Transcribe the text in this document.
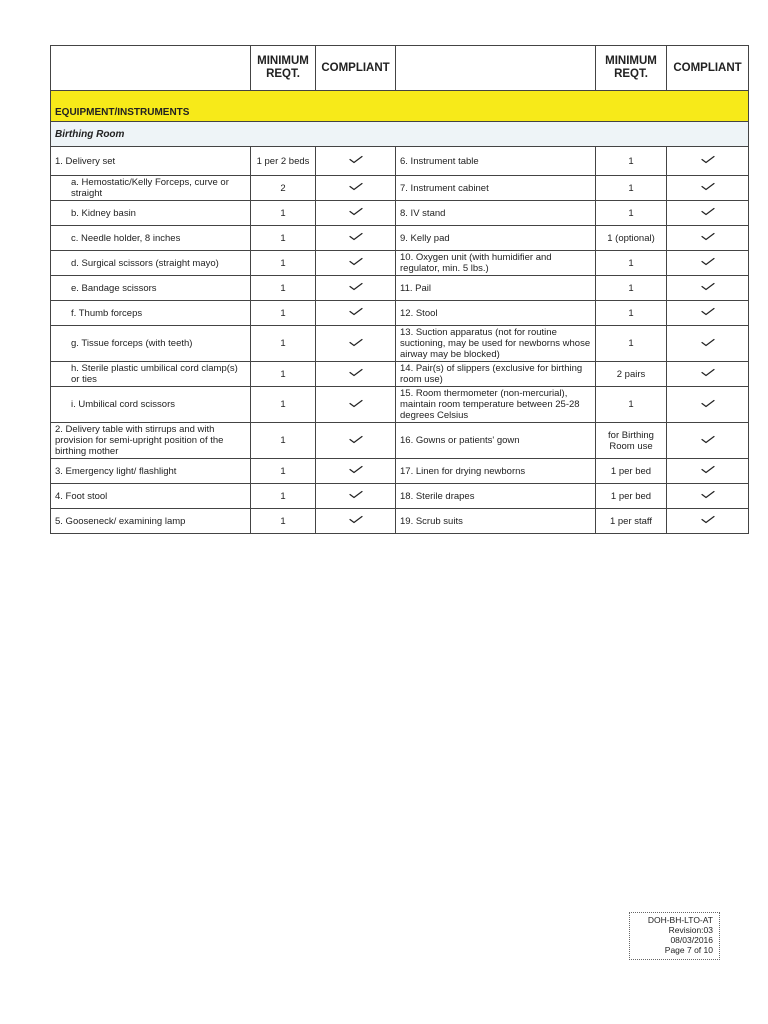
	MINIMUM REQT.	COMPLIANT		MINIMUM REQT.	COMPLIANT
EQUIPMENT/INSTRUMENTS					
Birthing Room					
1. Delivery set	1 per 2 beds		6. Instrument table	1	
a. Hemostatic/Kelly Forceps, curve or straight	2		7. Instrument cabinet	1	
b. Kidney basin	1		8. IV stand	1	
c. Needle holder, 8 inches	1		9. Kelly pad	1 (optional)	
d. Surgical scissors (straight mayo)	1		10. Oxygen unit (with humidifier and regulator, min. 5 lbs.)	1	
e. Bandage scissors	1		11. Pail	1	
f. Thumb forceps	1		12. Stool	1	
g. Tissue forceps (with teeth)	1		13. Suction apparatus (not for routine suctioning, may be used for newborns whose airway may be blocked)	1	
h. Sterile plastic umbilical cord clamp(s) or ties	1		14. Pair(s) of slippers (exclusive for birthing room use)	2 pairs	
i. Umbilical cord scissors	1		15. Room thermometer (non-mercurial), maintain room temperature between 25-28 degrees Celsius	1	
2. Delivery table with stirrups and with provision for semi-upright position of the birthing mother	1		16. Gowns or patients' gown	for Birthing Room use	
3. Emergency light/ flashlight	1		17. Linen for drying newborns	1 per bed	
4. Foot stool	1		18. Sterile drapes	1 per bed	
5. Gooseneck/ examining lamp	1		19. Scrub suits	1 per staff	
DOH-BH-LTO-AT
Revision:03
08/03/2016
Page 7 of 10
